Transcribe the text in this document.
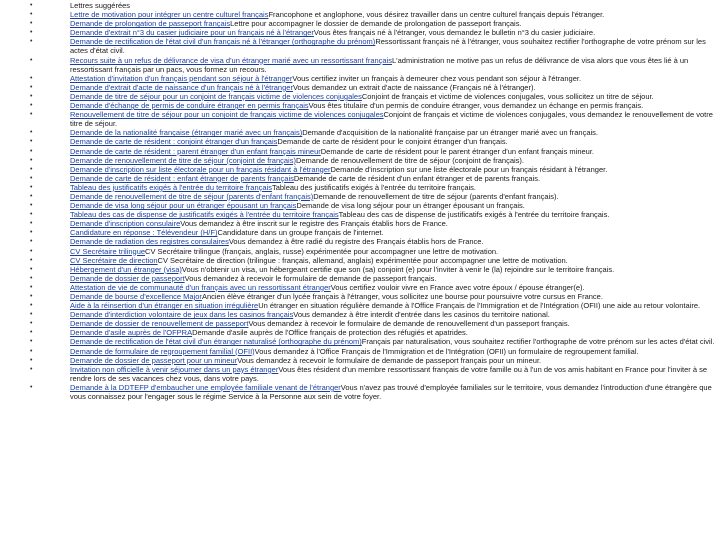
• Lettres suggérées
• Lettre de motivation pour intégrer un centre culturel françaisFrancophone et anglophone, vous désirez travailler dans un centre culturel français depuis l'étranger.
• Demande de prolongation de passeport françaisLettre pour accompagner le dossier de demande de prolongation de passeport français.
• Demande d'extrait n°3 du casier judiciaire pour un français né à l'étrangerVous êtes français né à l'étranger, vous demandez le bulletin n°3 du casier judiciaire.
• Demande de rectification de l'état civil d'un français né à l'étranger (orthographe du prénom)Ressortissant français né à l'étranger, vous souhaitez rectifier l'orthographe de votre prénom sur les actes d'état civil.
• Recours suite à un refus de délivrance de visa d'un étranger marié avec un ressortissant françaisL'administration ne motive pas un refus de délivrance de visa alors que vous êtes lié à un ressortissant français par un pacs, vous formez un recours.
• Attestation d'invitation d'un français pendant son séjour à l'étrangerVous certifiez inviter un français à demeurer chez vous pendant son séjour à l'étranger.
• Demande d'extrait d'acte de naissance d'un français né à l'étrangerVous demandez un extrait d'acte de naissance (Français né à l'étranger).
• Demande de titre de séjour pour un conjoint de français victime de violences conjugalesConjoint de français et victime de violences conjugales, vous sollicitez un titre de séjour.
• Demande d'échange de permis de conduire étranger en permis françaisVous êtes titulaire d'un permis de conduire étranger, vous demandez un échange en permis français.
• Renouvellement de titre de séjour pour un conjoint de français victime de violences conjugalesConjoint de français et victime de violences conjugales, vous demandez le renouvellement de votre titre de séjour.
• Demande de la nationalité française (étranger marié avec un français)Demande d'acquisition de la nationalité française par un étranger marié avec un français.
• Demande de carte de résident : conjoint étranger d'un françaisDemande de carte de résident pour le conjoint étranger d'un français.
• Demande de carte de résident : parent étranger d'un enfant français mineurDemande de carte de résident pour le parent étranger d'un enfant français mineur.
• Demande de renouvellement de titre de séjour (conjoint de français)Demande de renouvellement de titre de séjour (conjoint de français).
• Demande d'inscription sur liste électorale pour un français résidant à l'étrangerDemande d'inscription sur une liste électorale pour un français résidant à l'étranger.
• Demande de carte de résident : enfant étranger de parents françaisDemande de carte de résident d'un enfant étranger et de parents français.
• Tableau des justificatifs exigés à l'entrée du territoire françaisTableau des justificatifs exigés à l'entrée du territoire français.
• Demande de renouvellement de titre de séjour (parents d'enfant français)Demande de renouvellement de titre de séjour (parents d'enfant français).
• Demande de visa long séjour pour un étranger épousant un françaisDemande de visa long séjour pour un étranger épousant un français.
• Tableau des cas de dispense de justificatifs exigés à l'entrée du territoire françaisTableau des cas de dispense de justificatifs exigés à l'entrée du territoire français.
• Demande d'inscription consulaireVous demandez à être inscrit sur le registre des Français établis hors de France.
• Candidature en réponse : Télévendeur (H/F)Candidature dans un groupe français de l'internet.
• Demande de radiation des registres consulairesVous demandez à être radié du registre des Français établis hors de France.
• CV Secrétaire trilingueCV Secrétaire trilingue (français, anglais, russe) expérimentée pour accompagner une lettre de motivation.
• CV Secrétaire de directionCV Secrétaire de direction (trilingue : français, allemand, anglais) expérimentée pour accompagner une lettre de motivation.
• Hébergement d'un étranger (visa)Vous n'obtenir un visa, un hébergeant certifie que son (sa) conjoint (e) pour l'inviter à venir le (la) rejoindre sur le territoire français.
• Demande de dossier de passeportVous demandez à recevoir le formulaire de demande de passeport français.
• Attestation de vie de communauté d'un français avec un ressortissant étrangerVous certifiez vouloir vivre en France avec votre époux / épouse étranger(e).
• Demande de bourse d'excellence MajorAncien élève étranger d'un lycée français à l'étranger, vous sollicitez une bourse pour poursuivre votre cursus en France.
• Aide à la réinsertion d'un étranger en situation irrégulièreUn étranger en situation régulière demande à l'Office Français de l'Immigration et de l'Intégration (OFII) une aide au retour volontaire.
• Demande d'interdiction volontaire de jeux dans les casinos françaisVous demandez à être interdit d'entrée dans les casinos du territoire national.
• Demande de dossier de renouvellement de passeportVous demandez à recevoir le formulaire de demande de renouvellement d'un passeport français.
• Demande d'asile auprès de l'OFPRADemande d'asile auprès de l'Office français de protection des réfugiés et apatrides.
• Demande de rectification de l'état civil d'un étranger naturalisé (orthographe du prénom)Français par naturalisation, vous souhaitez rectifier l'orthographe de votre prénom sur les actes d'état civil.
• Demande de formulaire de regroupement familial (OFII)Vous demandez à l'Office Français de l'Immigration et de l'Intégration (OFII) un formulaire de regroupement familial.
• Demande de dossier de passeport pour un mineurVous demandez à recevoir le formulaire de demande de passeport français pour un mineur.
• Invitation non officielle à venir séjourner dans un pays étrangerVous êtes résident d'un membre ressortissant français de votre famille ou à l'un de vos amis habitant en France pour l'inviter à se rendre lors de ses vacances chez vous, dans votre pays.
• Demande à la DDTEFP d'embaucher une employée familiale venant de l'étrangerVous n'avez pas trouvé d'employée familiales sur le territoire, vous demandez l'introduction d'une étrangère que vous connaissez pour l'engager sous le régime Service à la Personne aux sein de votre foyer.
